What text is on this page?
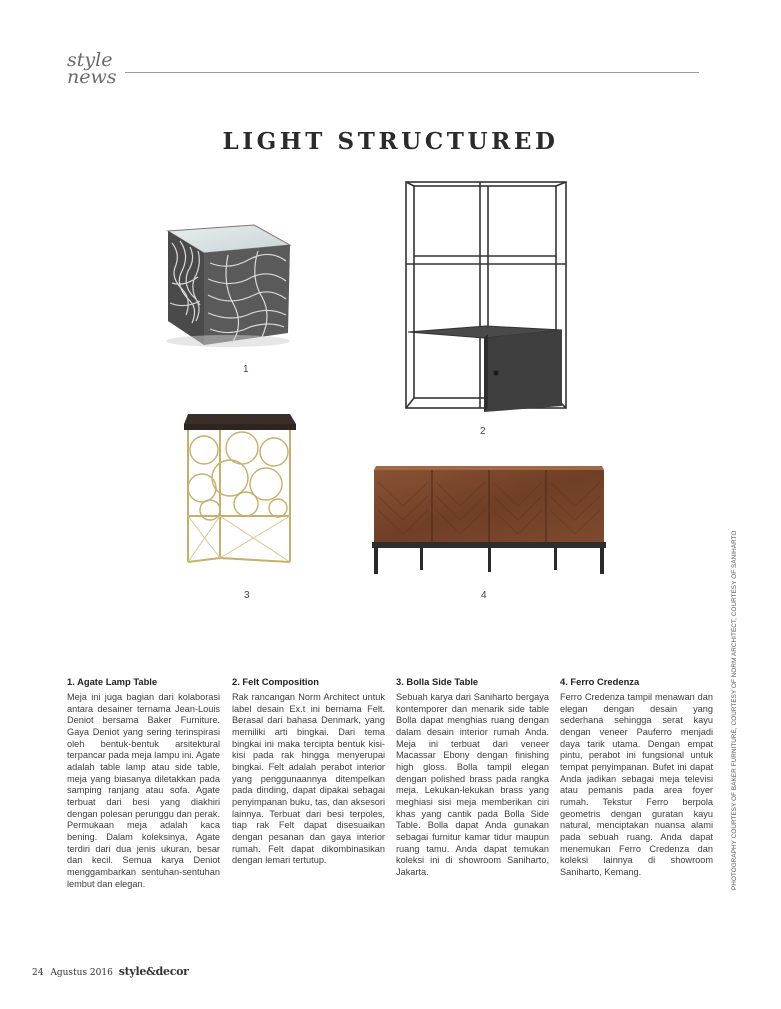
style
news
LIGHT STRUCTURED
1
2
3	4	PHOTOGRAPHY COURTESY OF BAKER FURNITURE, COURTESY OF NORM ARCHITECT, COURTESY OF SANIHARTO
1. Agate Lamp Table

Meja ini juga bagian dari kolaborasi antara desainer ternama Jean-Louis Deniot bersama Baker Furniture. Gaya Deniot yang sering terinspirasi oleh bentuk-bentuk arsitektural terpancar pada meja lampu ini. Agate adalah table lamp atau side table, meja yang biasanya diletakkan pada samping ranjang atau sofa. Agate terbuat dari besi yang diakhiri dengan polesan perunggu dan perak. Permukaan meja adalah kaca bening. Dalam koleksinya, Agate terdiri dari dua jenis ukuran, besar dan kecil. Semua karya Deniot menggambarkan sentuhan-sentuhan lembut dan elegan.

2. Felt Composition

Rak rancangan Norm Architect untuk label desain Ex.t ini bernama Felt. Berasal dari bahasa Denmark, yang memiliki arti bingkai. Dari tema bingkai ini maka tercipta bentuk kisi-kisi pada rak hingga menyerupai bingkai. Felt adalah perabot interior yang penggunaannya ditempelkan pada dinding, dapat dipakai sebagai penyimpanan buku, tas, dan aksesori lainnya. Terbuat dari besi terpoles, tiap rak Felt dapat disesuaikan dengan pesanan dan gaya interior rumah. Felt dapat dikombinasikan dengan lemari tertutup.

3. Bolla Side Table

Sebuah karya dari Saniharto bergaya kontemporer dan menarik side table Bolla dapat menghias ruang dengan dalam desain interior rumah Anda. Meja ini terbuat dari veneer Macassar Ebony dengan finishing high gloss. Bolla tampil elegan dengan polished brass pada rangka meja. Lekukan-lekukan brass yang meghiasi sisi meja memberikan ciri khas yang cantik pada Bolla Side Table. Bolla dapat Anda gunakan sebagai furnitur kamar tidur maupun ruang tamu. Anda dapat temukan koleksi ini di showroom Saniharto, Jakarta.

4. Ferro Credenza

Ferro Credenza tampil menawan dan elegan dengan desain yang sederhana sehingga serat kayu dengan veneer Pauferro menjadi daya tarik utama. Dengan empat pintu, perabot ini fungsional untuk tempat penyimpanan. Bufet ini dapat Anda jadikan sebagai meja televisi atau pemanis pada area foyer rumah. Tekstur Ferro berpola geometris dengan guratan kayu natural, menciptakan nuansa alami pada sebuah ruang. Anda dapat menemukan Ferro Credenza dan koleksi lainnya di showroom Saniharto, Kemang.

24 Agustus 2016 style&decor
